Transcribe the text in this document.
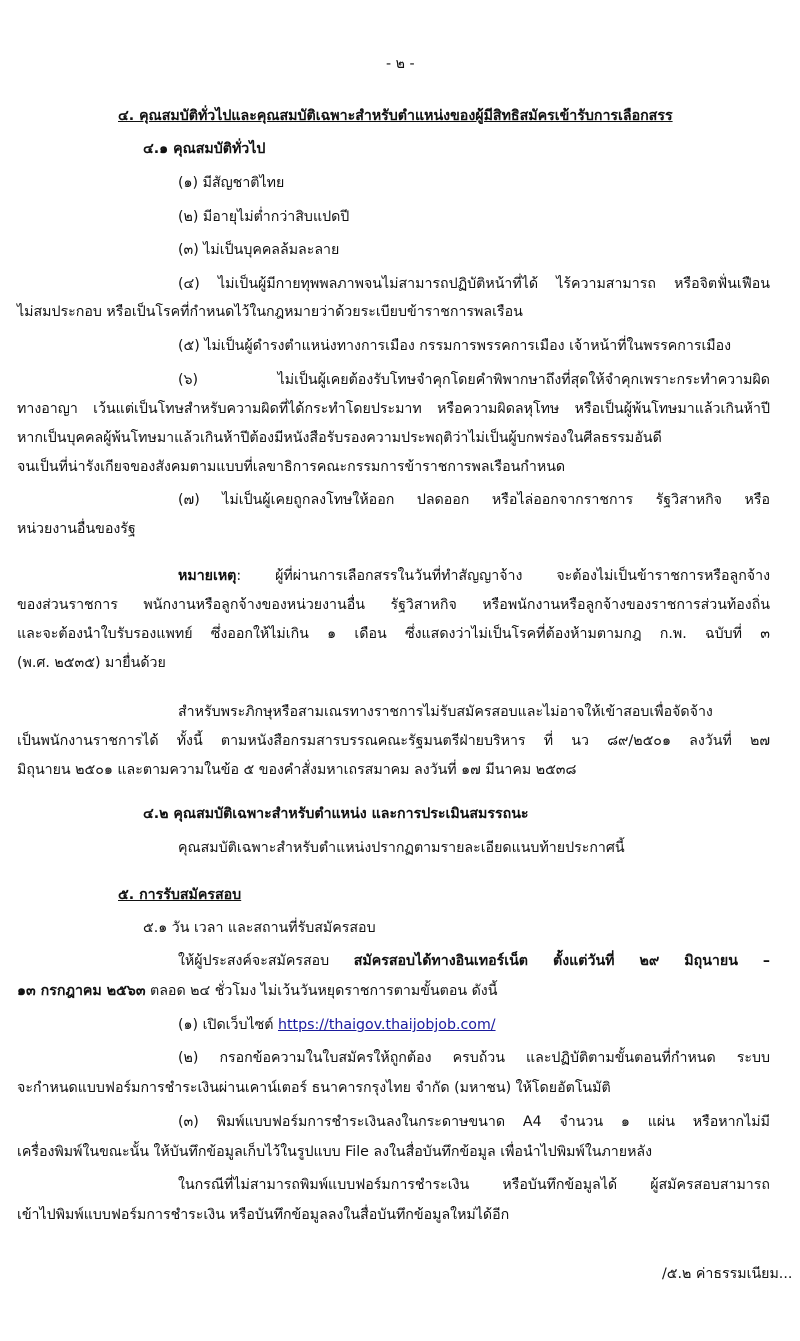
- ๒ -
๔. คุณสมบัติทั่วไปและคุณสมบัติเฉพาะสำหรับตำแหน่งของผู้มีสิทธิสมัครเข้ารับการเลือกสรร
๔.๑ คุณสมบัติทั่วไป
(๑) มีสัญชาติไทย
(๒) มีอายุไม่ต่ำกว่าสิบแปดปี
(๓) ไม่เป็นบุคคลล้มละลาย
(๔) ไม่เป็นผู้มีกายทุพพลภาพจนไม่สามารถปฏิบัติหน้าที่ได้ ไร้ความสามารถ หรือจิตฟั่นเฟือน
ไม่สมประกอบ หรือเป็นโรคที่กำหนดไว้ในกฎหมายว่าด้วยระเบียบข้าราชการพลเรือน
(๕) ไม่เป็นผู้ดำรงตำแหน่งทางการเมือง กรรมการพรรคการเมือง เจ้าหน้าที่ในพรรคการเมือง
(๖) ไม่เป็นผู้เคยต้องรับโทษจำคุกโดยคำพิพากษาถึงที่สุดให้จำคุกเพราะกระทำความผิด
ทางอาญา เว้นแต่เป็นโทษสำหรับความผิดที่ได้กระทำโดยประมาท หรือความผิดลหุโทษ หรือเป็นผู้พ้นโทษมาแล้วเกินห้าปี
หากเป็นบุคคลผู้พ้นโทษมาแล้วเกินห้าปีต้องมีหนังสือรับรองความประพฤติว่าไม่เป็นผู้บกพร่องในศีลธรรมอันดี
จนเป็นที่น่ารังเกียจของสังคมตามแบบที่เลขาธิการคณะกรรมการข้าราชการพลเรือนกำหนด
(๗) ไม่เป็นผู้เคยถูกลงโทษให้ออก ปลดออก หรือไล่ออกจากราชการ รัฐวิสาหกิจ หรือ
หน่วยงานอื่นของรัฐ
หมายเหตุ: ผู้ที่ผ่านการเลือกสรรในวันที่ทำสัญญาจ้าง จะต้องไม่เป็นข้าราชการหรือลูกจ้าง
ของส่วนราชการ พนักงานหรือลูกจ้างของหน่วยงานอื่น รัฐวิสาหกิจ หรือพนักงานหรือลูกจ้างของราชการส่วนท้องถิ่น
และจะต้องนำใบรับรองแพทย์ ซึ่งออกให้ไม่เกิน ๑ เดือน ซึ่งแสดงว่าไม่เป็นโรคที่ต้องห้ามตามกฎ ก.พ. ฉบับที่ ๓
(พ.ศ. ๒๕๓๕) มายื่นด้วย
สำหรับพระภิกษุหรือสามเณรทางราชการไม่รับสมัครสอบและไม่อาจให้เข้าสอบเพื่อจัดจ้าง
เป็นพนักงานราชการได้ ทั้งนี้ ตามหนังสือกรมสารบรรณคณะรัฐมนตรีฝ่ายบริหาร ที่ นว ๘๙/๒๕๐๑ ลงวันที่ ๒๗
มิถุนายน ๒๕๐๑ และตามความในข้อ ๕ ของคำสั่งมหาเถรสมาคม ลงวันที่ ๑๗ มีนาคม ๒๕๓๘
๔.๒ คุณสมบัติเฉพาะสำหรับตำแหน่ง และการประเมินสมรรถนะ
คุณสมบัติเฉพาะสำหรับตำแหน่งปรากฏตามรายละเอียดแนบท้ายประกาศนี้
๕. การรับสมัครสอบ
๕.๑ วัน เวลา และสถานที่รับสมัครสอบ
ให้ผู้ประสงค์จะสมัครสอบ สมัครสอบได้ทางอินเทอร์เน็ต ตั้งแต่วันที่ ๒๙ มิถุนายน –
๑๓ กรกฎาคม ๒๕๖๓ ตลอด ๒๔ ชั่วโมง ไม่เว้นวันหยุดราชการตามขั้นตอน ดังนี้
(๑) เปิดเว็บไซต์ https://thaigov.thaijobjob.com/
(๒) กรอกข้อความในใบสมัครให้ถูกต้อง ครบถ้วน และปฏิบัติตามขั้นตอนที่กำหนด ระบบ
จะกำหนดแบบฟอร์มการชำระเงินผ่านเคาน์เตอร์ ธนาคารกรุงไทย จำกัด (มหาชน) ให้โดยอัตโนมัติ
(๓) พิมพ์แบบฟอร์มการชำระเงินลงในกระดาษขนาด A4 จำนวน ๑ แผ่น หรือหากไม่มี
เครื่องพิมพ์ในขณะนั้น ให้บันทึกข้อมูลเก็บไว้ในรูปแบบ File ลงในสื่อบันทึกข้อมูล เพื่อนำไปพิมพ์ในภายหลัง
ในกรณีที่ไม่สามารถพิมพ์แบบฟอร์มการชำระเงิน หรือบันทึกข้อมูลได้ ผู้สมัครสอบสามารถ
เข้าไปพิมพ์แบบฟอร์มการชำระเงิน หรือบันทึกข้อมูลลงในสื่อบันทึกข้อมูลใหม่ได้อีก
/๕.๒ ค่าธรรมเนียม...
